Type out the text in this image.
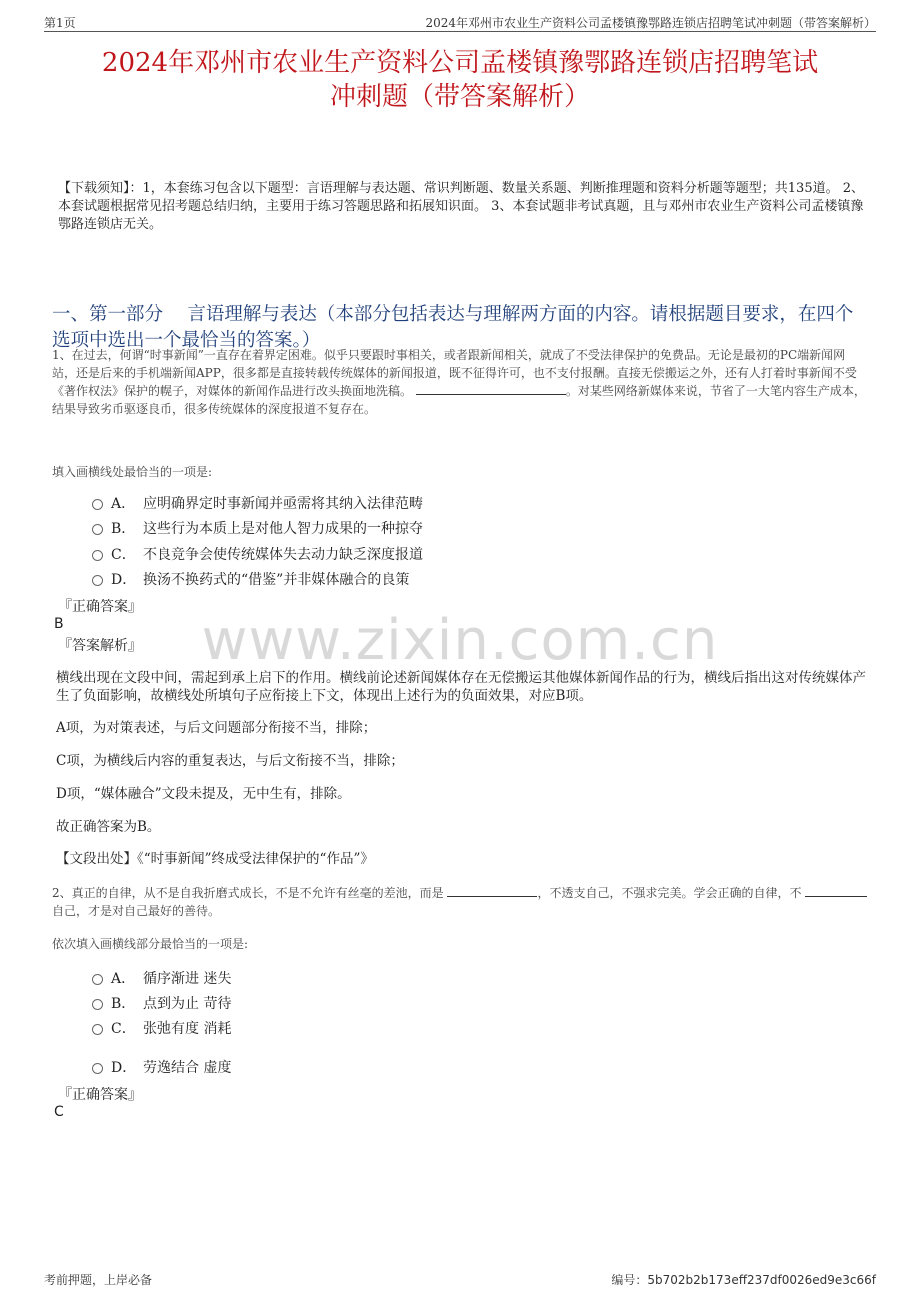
第1页	2024年邓州市农业生产资料公司孟楼镇豫鄂路连锁店招聘笔试冲刺题（带答案解析）
2024年邓州市农业生产资料公司孟楼镇豫鄂路连锁店招聘笔试
冲刺题（带答案解析）
【下载须知】：1，本套练习包含以下题型：言语理解与表达题、常识判断题、数量关系题、判断推理题和资料分析题等题型；共135道。 2、本套试题根据常见招考题总结归纳，主要用于练习答题思路和拓展知识面。 3、本套试题非考试真题，且与邓州市农业生产资料公司孟楼镇豫鄂路连锁店无关。
一、第一部分　 言语理解与表达（本部分包括表达与理解两方面的内容。请根据题目要求，在四个选项中选出一个最恰当的答案。）
1、在过去，何谓“时事新闻”一直存在着界定困难。似乎只要跟时事相关，或者跟新闻相关，就成了不受法律保护的免费品。无论是最初的PC端新闻网站，还是后来的手机端新闻APP，很多都是直接转载传统媒体的新闻报道，既不征得许可，也不支付报酬。直接无偿搬运之外，还有人打着时事新闻不受《著作权法》保护的幌子，对媒体的新闻作品进行改头换面地洗稿。	。对某些网络新媒体来说，节省了一大笔内容生产成本，结果导致劣币驱逐良币，很多传统媒体的深度报道不复存在。
填入画横线处最恰当的一项是:
A． 应明确界定时事新闻并亟需将其纳入法律范畴
B． 这些行为本质上是对他人智力成果的一种掠夺
C． 不良竞争会使传统媒体失去动力缺乏深度报道
D． 换汤不换药式的“借鉴”并非媒体融合的良策
『正确答案』
B
『答案解析』	www.zixin.com.cn
横线出现在文段中间，需起到承上启下的作用。横线前论述新闻媒体存在无偿搬运其他媒体新闻作品的行为，横线后指出这对传统媒体产生了负面影响，故横线处所填句子应衔接上下文，体现出上述行为的负面效果，对应B项。
A项，为对策表述，与后文问题部分衔接不当，排除；
C项，为横线后内容的重复表达，与后文衔接不当，排除；
D项，“媒体融合”文段未提及，无中生有，排除。
故正确答案为B。
【文段出处】《“时事新闻”终成受法律保护的“作品”》
2、真正的自律，从不是自我折磨式成长，不是不允许有丝毫的差池，而是	，不透支自己，不强求完美。学会正确的自律，不 自己，才是对自己最好的善待。
依次填入画横线部分最恰当的一项是:
A． 循序渐进 迷失
B． 点到为止 苛待
C． 张弛有度 消耗
D． 劳逸结合 虚度
『正确答案』
C
考前押题，上岸必备	编号：5b702b2b173eff237df0026ed9e3c66f
